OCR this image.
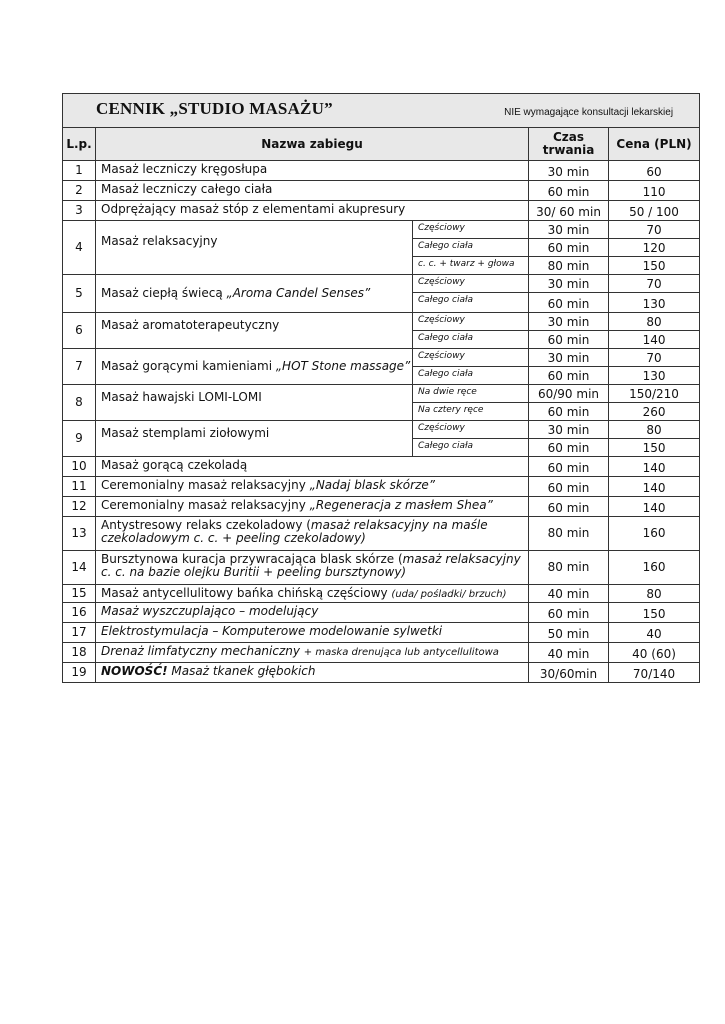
CENNIK „STUDIO MASAŻU” NIE wymagające konsultacji lekarskiej				

L.p.	Nazwa zabiegu		Czas trwania	Cena (PLN)
1	Masaż leczniczy kręgosłupa		30 min	60
2	Masaż leczniczy całego ciała		60 min	110
3	Odprężający masaż stóp z elementami akupresury		30/ 60 min	50 / 100
4	Masaż relaksacyjny	Częściowy	30 min	70
		Całego ciała	60 min	120
		c. c. + twarz + głowa	80 min	150
5	Masaż ciepłą świecą „Aroma Candel Senses”	Częściowy	30 min	70
		Całego ciała	60 min	130
6	Masaż aromatoterapeutyczny	Częściowy	30 min	80
		Całego ciała	60 min	140
7	Masaż gorącymi kamieniami „HOT Stone massage”	Częściowy	30 min	70
		Całego ciała	60 min	130
8	Masaż hawajski LOMI-LOMI	Na dwie ręce	60/90 min	150/210
		Na cztery ręce	60 min	260
9	Masaż stemplami ziołowymi	Częściowy	30 min	80
		Całego ciała	60 min	150
10	Masaż gorącą czekoladą		60 min	140
11	Ceremonialny masaż relaksacyjny „Nadaj blask skórze”		60 min	140
12	Ceremonialny masaż relaksacyjny „Regeneracja z masłem Shea”		60 min	140
13	Antystresowy relaks czekoladowy (masaż relaksacyjny na maśle czekoladowym c. c. + peeling czekoladowy)		80 min	160
14	Bursztynowa kuracja przywracająca blask skórze (masaż relaksacyjny c. c. na bazie olejku Buritii + peeling bursztynowy)		80 min	160
15	Masaż antycellulitowy bańka chińską częściowy (uda/ pośladki/ brzuch)		40 min	80
16	Masaż wyszczuplająco – modelujący		60 min	150
17	Elektrostymulacja – Komputerowe modelowanie sylwetki		50 min	40
18	Drenaż limfatyczny mechaniczny + maska drenująca lub antycellulitowa		40 min	40 (60)
19	NOWOŚĆ! Masaż tkanek głębokich		30/60min	70/140
